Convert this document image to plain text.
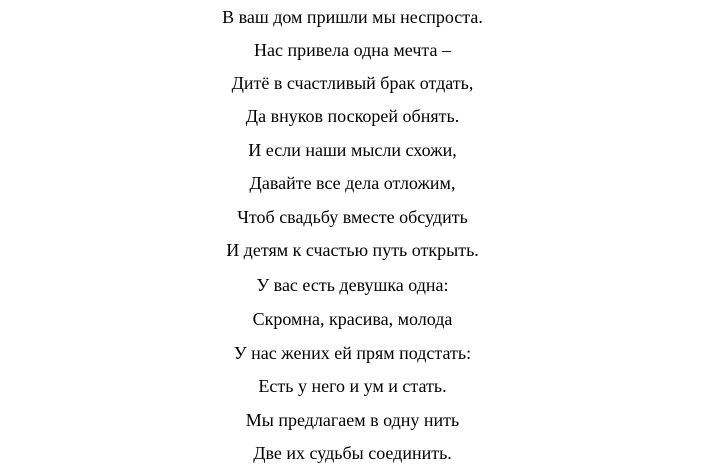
В ваш дом пришли мы неспроста.
Нас привела одна мечта –
Дитё в счастливый брак отдать,
Да внуков поскорей обнять.
И если наши мысли схожи,
Давайте все дела отложим,
Чтоб свадьбу вместе обсудить
И детям к счастью путь открыть.
У вас есть девушка одна:
Скромна, красива, молода
У нас жених ей прям подстать:
Есть у него и ум и стать.
Мы предлагаем в одну нить
Две их судьбы соединить.
